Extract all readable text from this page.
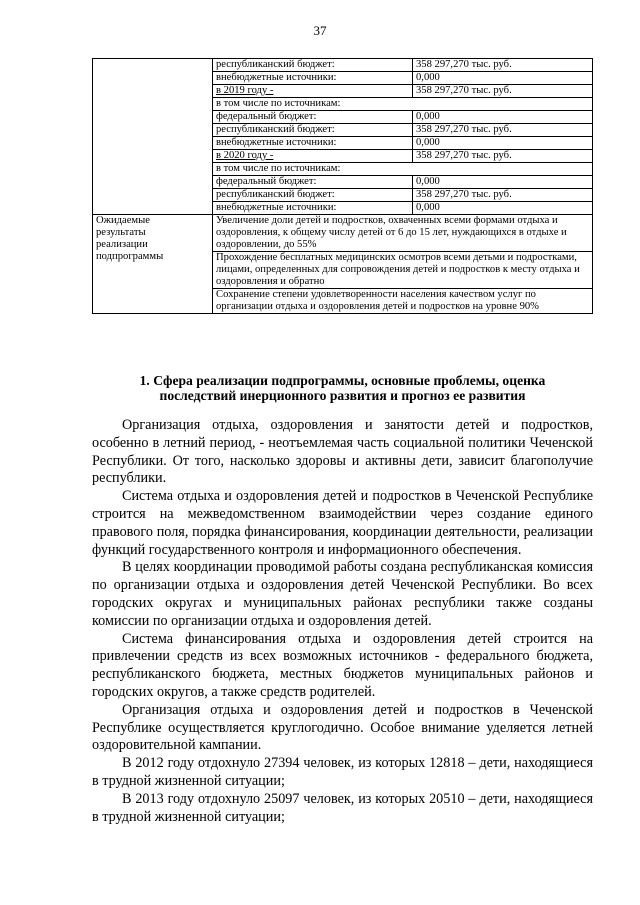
37
	республиканский бюджет:	358 297,270 тыс. руб.
	внебюджетные источники:	0,000
	в 2019 году -	358 297,270 тыс. руб.
	в том числе по источникам:	
	федеральный бюджет:	0,000
	республиканский бюджет:	358 297,270 тыс. руб.
	внебюджетные источники:	0,000
	в 2020 году -	358 297,270 тыс. руб.
	в том числе по источникам:	
	федеральный бюджет:	0,000
	республиканский бюджет:	358 297,270 тыс. руб.
	внебюджетные источники:	0,000
Ожидаемые
результаты
реализации
подпрограммы	Увеличение доли детей и подростков, охваченных всеми формами отдыха и оздоровления, к общему числу детей от 6 до 15 лет, нуждающихся в отдыхе и оздоровлении, до 55%	
	Прохождение бесплатных медицинских осмотров всеми детьми и подростками, лицами, определенных для сопровождения детей и подростков к месту отдыха и оздоровления и обратно	
	Сохранение степени удовлетворенности населения качеством услуг по организации отдыха и оздоровления детей и подростков на уровне 90%	
1. Сфера реализации подпрограммы, основные проблемы, оценка
последствий инерционного развития и прогноз ее развития

Организация отдыха, оздоровления и занятости детей и подростков, особенно в летний период, - неотъемлемая часть социальной политики Чеченской Республики. От того, насколько здоровы и активны дети, зависит благополучие республики.

Система отдыха и оздоровления детей и подростков в Чеченской Республике строится на межведомственном взаимодействии через создание единого правового поля, порядка финансирования, координации деятельности, реализации функций государственного контроля и информационного обеспечения.

В целях координации проводимой работы создана республиканская комиссия по организации отдыха и оздоровления детей Чеченской Республики. Во всех городских округах и муниципальных районах республики также созданы комиссии по организации отдыха и оздоровления детей.

Система финансирования отдыха и оздоровления детей строится на привлечении средств из всех возможных источников - федерального бюджета, республиканского бюджета, местных бюджетов муниципальных районов и городских округов, а также средств родителей.

Организация отдыха и оздоровления детей и подростков в Чеченской Республике осуществляется круглогодично. Особое внимание уделяется летней оздоровительной кампании.

В 2012 году отдохнуло 27394 человек, из которых 12818 – дети, находящиеся в трудной жизненной ситуации;

В 2013 году отдохнуло 25097 человек, из которых 20510 – дети, находящиеся в трудной жизненной ситуации;
